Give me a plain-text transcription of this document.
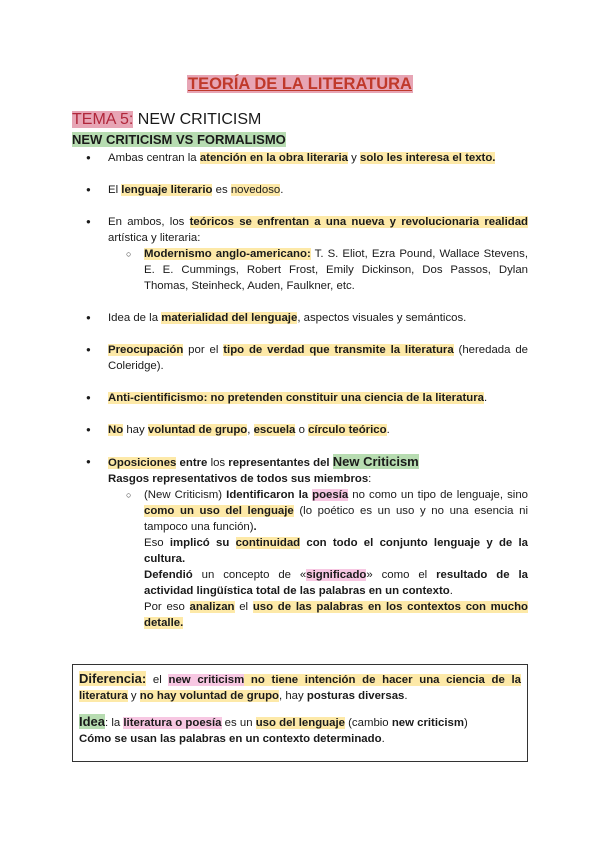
TEORÍA DE LA LITERATURA
TEMA 5: NEW CRITICISM
NEW CRITICISM VS FORMALISMO
● Ambas centran la atención en la obra literaria y solo les interesa el texto.
● El lenguaje literario es novedoso.
● En ambos, los teóricos se enfrentan a una nueva y revolucionaria realidad artística y literaria:
○ Modernismo anglo-americano: T. S. Eliot, Ezra Pound, Wallace Stevens, E. E. Cummings, Robert Frost, Emily Dickinson, Dos Passos, Dylan Thomas, Steinheck, Auden, Faulkner, etc.
● Idea de la materialidad del lenguaje, aspectos visuales y semánticos.
● Preocupación por el tipo de verdad que transmite la literatura (heredada de Coleridge).
● Anti-cientificismo: no pretenden constituir una ciencia de la literatura.
● No hay voluntad de grupo, escuela o círculo teórico.
● Oposiciones entre los representantes del New Criticism
Rasgos representativos de todos sus miembros:
○ (New Criticism) Identificaron la poesía no como un tipo de lenguaje, sino como un uso del lenguaje (lo poético es un uso y no una esencia ni tampoco una función).
Eso implicó su continuidad con todo el conjunto lenguaje y de la cultura.
Defendió un concepto de «significado» como el resultado de la actividad lingüística total de las palabras en un contexto.
Por eso analizan el uso de las palabras en los contextos con mucho detalle.
Diferencia: el new criticism no tiene intención de hacer una ciencia de la literatura y no hay voluntad de grupo, hay posturas diversas.
Idea: la literatura o poesía es un uso del lenguaje (cambio new criticism)
Cómo se usan las palabras en un contexto determinado.
